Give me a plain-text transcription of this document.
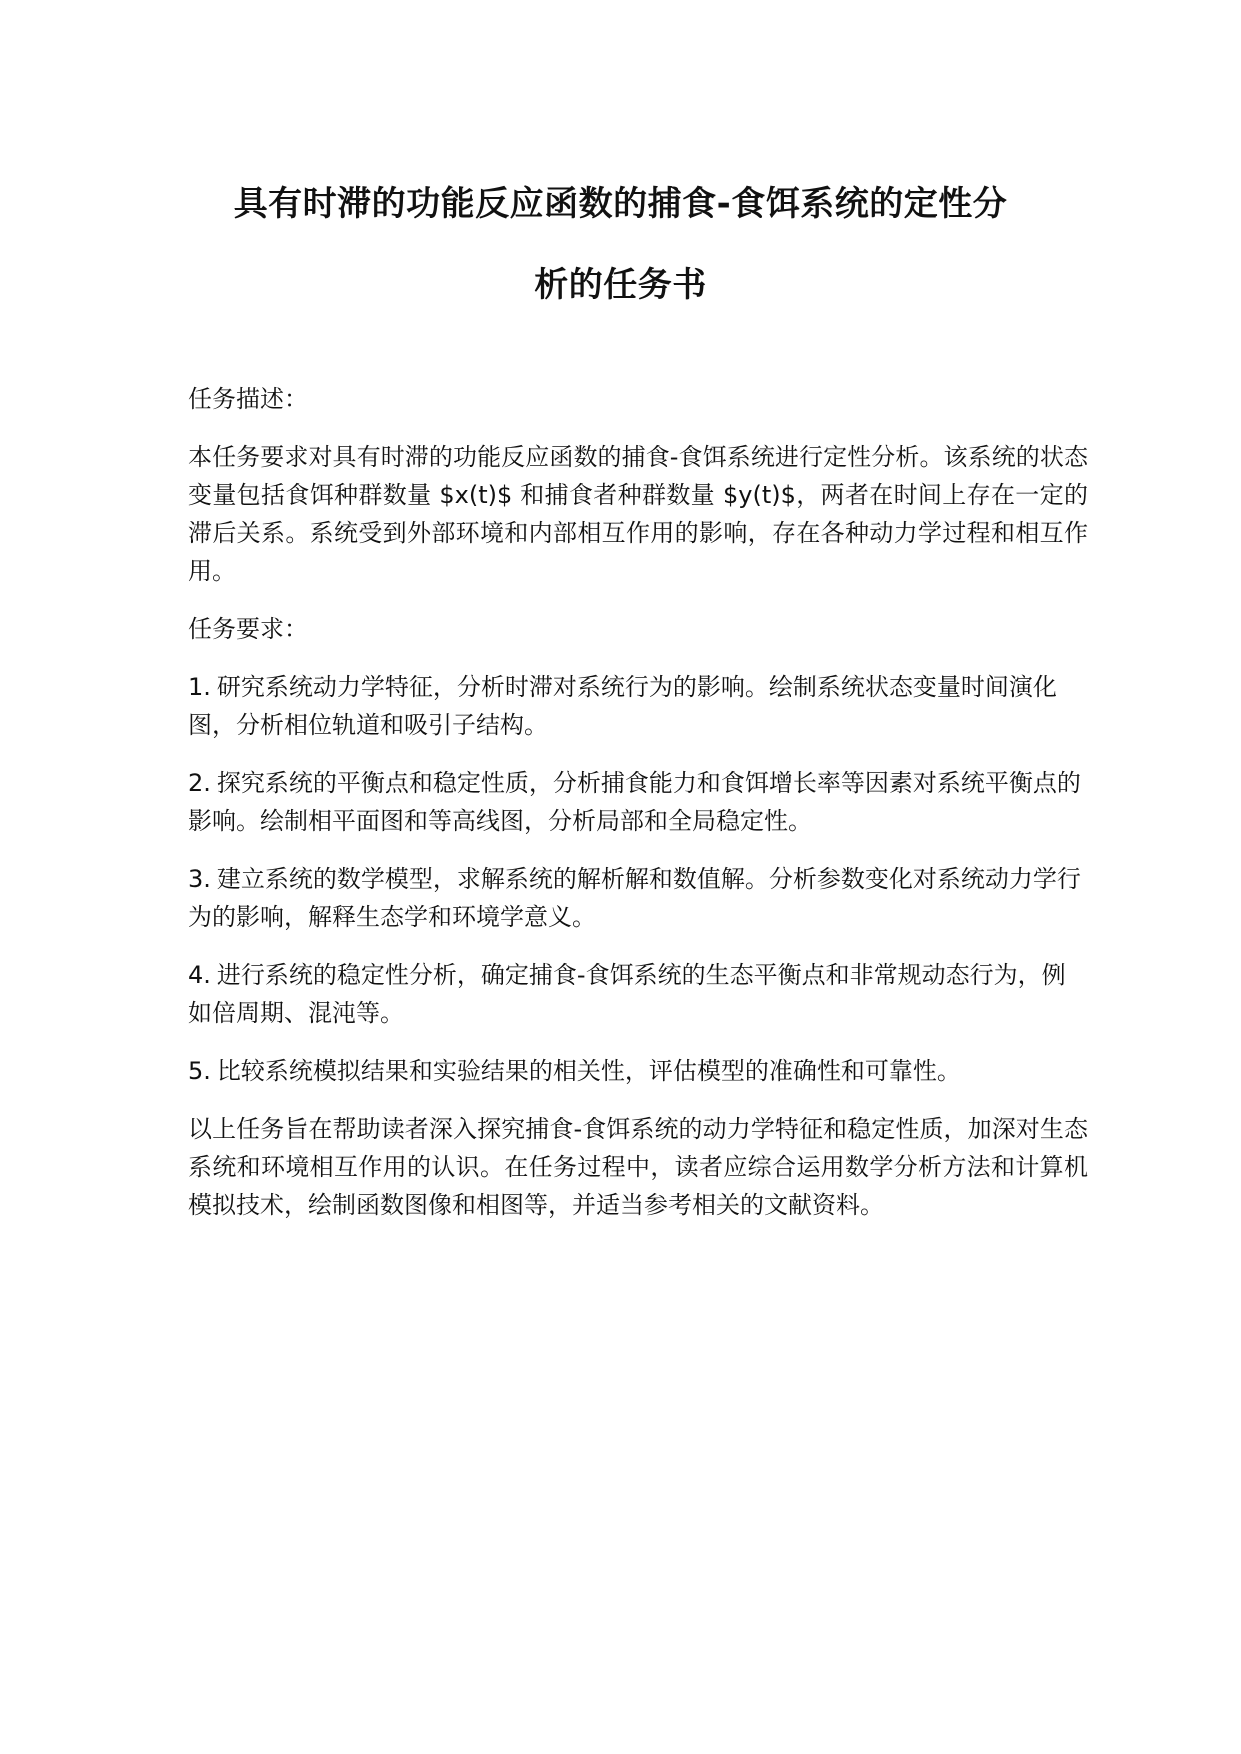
具有时滞的功能反应函数的捕食-食饵系统的定性分
析的任务书

任务描述：

本任务要求对具有时滞的功能反应函数的捕食-食饵系统进行定性分析。该系统的状态变量包括食饵种群数量 $x(t)$ 和捕食者种群数量 $y(t)$，两者在时间上存在一定的滞后关系。系统受到外部环境和内部相互作用的影响，存在各种动力学过程和相互作用。

任务要求：

1. 研究系统动力学特征，分析时滞对系统行为的影响。绘制系统状态变量时间演化图，分析相位轨道和吸引子结构。

2. 探究系统的平衡点和稳定性质，分析捕食能力和食饵增长率等因素对系统平衡点的影响。绘制相平面图和等高线图，分析局部和全局稳定性。

3. 建立系统的数学模型，求解系统的解析解和数值解。分析参数变化对系统动力学行为的影响，解释生态学和环境学意义。

4. 进行系统的稳定性分析，确定捕食-食饵系统的生态平衡点和非常规动态行为，例如倍周期、混沌等。

5. 比较系统模拟结果和实验结果的相关性，评估模型的准确性和可靠性。

以上任务旨在帮助读者深入探究捕食-食饵系统的动力学特征和稳定性质，加深对生态系统和环境相互作用的认识。在任务过程中，读者应综合运用数学分析方法和计算机模拟技术，绘制函数图像和相图等，并适当参考相关的文献资料。
